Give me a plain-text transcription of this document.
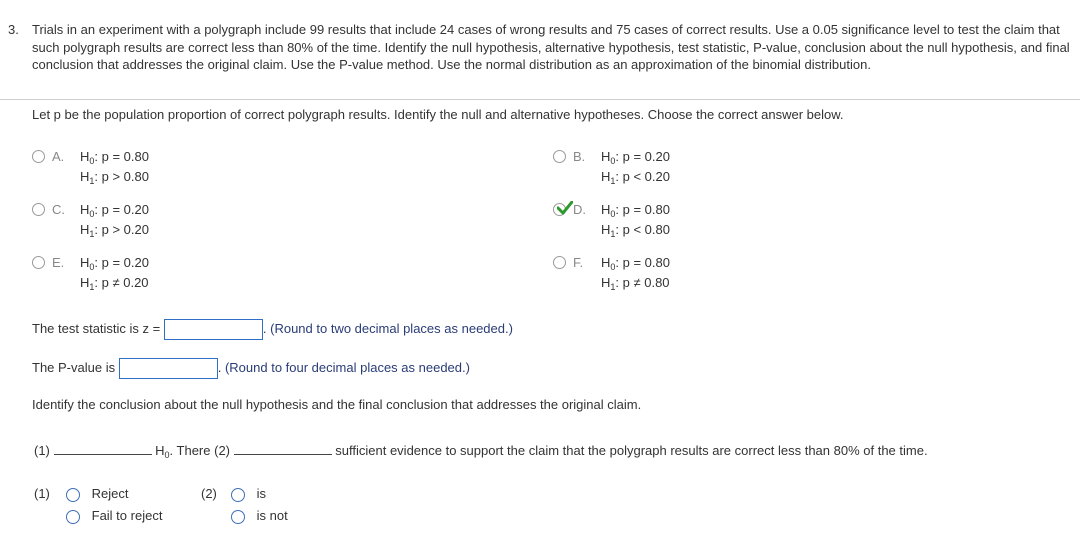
3. Trials in an experiment with a polygraph include 99 results that include 24 cases of wrong results and 75 cases of correct results. Use a 0.05 significance level to test the claim that such polygraph results are correct less than 80% of the time. Identify the null hypothesis, alternative hypothesis, test statistic, P-value, conclusion about the null hypothesis, and final conclusion that addresses the original claim. Use the P-value method. Use the normal distribution as an approximation of the binomial distribution.
Let p be the population proportion of correct polygraph results. Identify the null and alternative hypotheses. Choose the correct answer below.
A. $H_0$: p = 0.80
$H_1$: p > 0.80
B. $H_0$: p = 0.20
$H_1$: p < 0.20
C. $H_0$: p = 0.20
$H_1$: p > 0.20
D. $H_0$: p = 0.80
$H_1$: p < 0.80
E. $H_0$: p = 0.20
$H_1$: p ≠ 0.20
F. $H_0$: p = 0.80
$H_1$: p ≠ 0.80
The test statistic is z =	. (Round to two decimal places as needed.)
The P-value is	. (Round to four decimal places as needed.)
Identify the conclusion about the null hypothesis and the final conclusion that addresses the original claim.
(1)	$H_0$. There (2)	sufficient evidence to support the claim that the polygraph results are correct less than 80% of the time.
(1)	Reject
Fail to reject
(2)	is
is not
